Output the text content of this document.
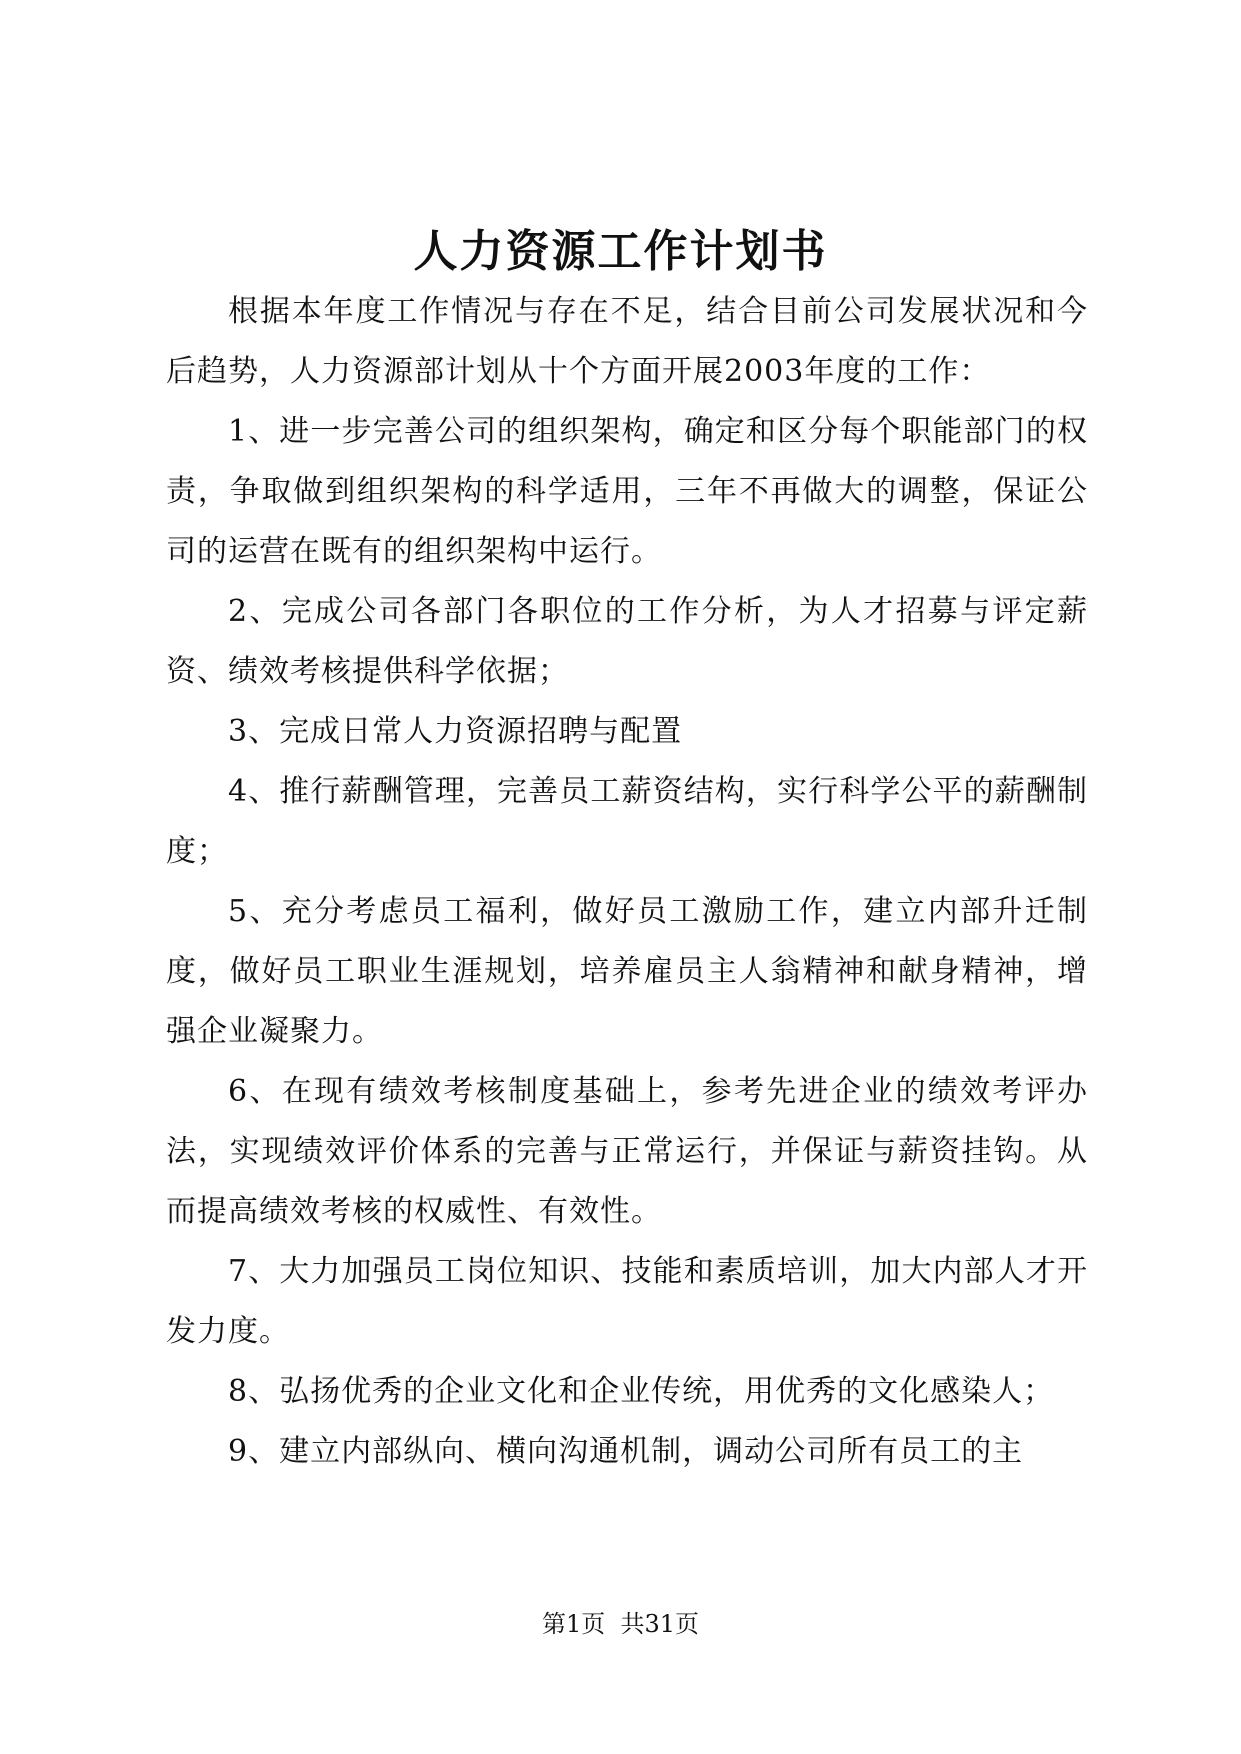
人力资源工作计划书

根据本年度工作情况与存在不足，结合目前公司发展状况和今后趋势，人力资源部计划从十个方面开展2003年度的工作：

1、进一步完善公司的组织架构，确定和区分每个职能部门的权责，争取做到组织架构的科学适用，三年不再做大的调整，保证公司的运营在既有的组织架构中运行。

2、完成公司各部门各职位的工作分析，为人才招募与评定薪资、绩效考核提供科学依据；

3、完成日常人力资源招聘与配置

4、推行薪酬管理，完善员工薪资结构，实行科学公平的薪酬制度；

5、充分考虑员工福利，做好员工激励工作，建立内部升迁制度，做好员工职业生涯规划，培养雇员主人翁精神和献身精神，增强企业凝聚力。

6、在现有绩效考核制度基础上，参考先进企业的绩效考评办法，实现绩效评价体系的完善与正常运行，并保证与薪资挂钩。从而提高绩效考核的权威性、有效性。

7、大力加强员工岗位知识、技能和素质培训，加大内部人才开发力度。

8、弘扬优秀的企业文化和企业传统，用优秀的文化感染人；

9、建立内部纵向、横向沟通机制，调动公司所有员工的主

第1页 共31页
